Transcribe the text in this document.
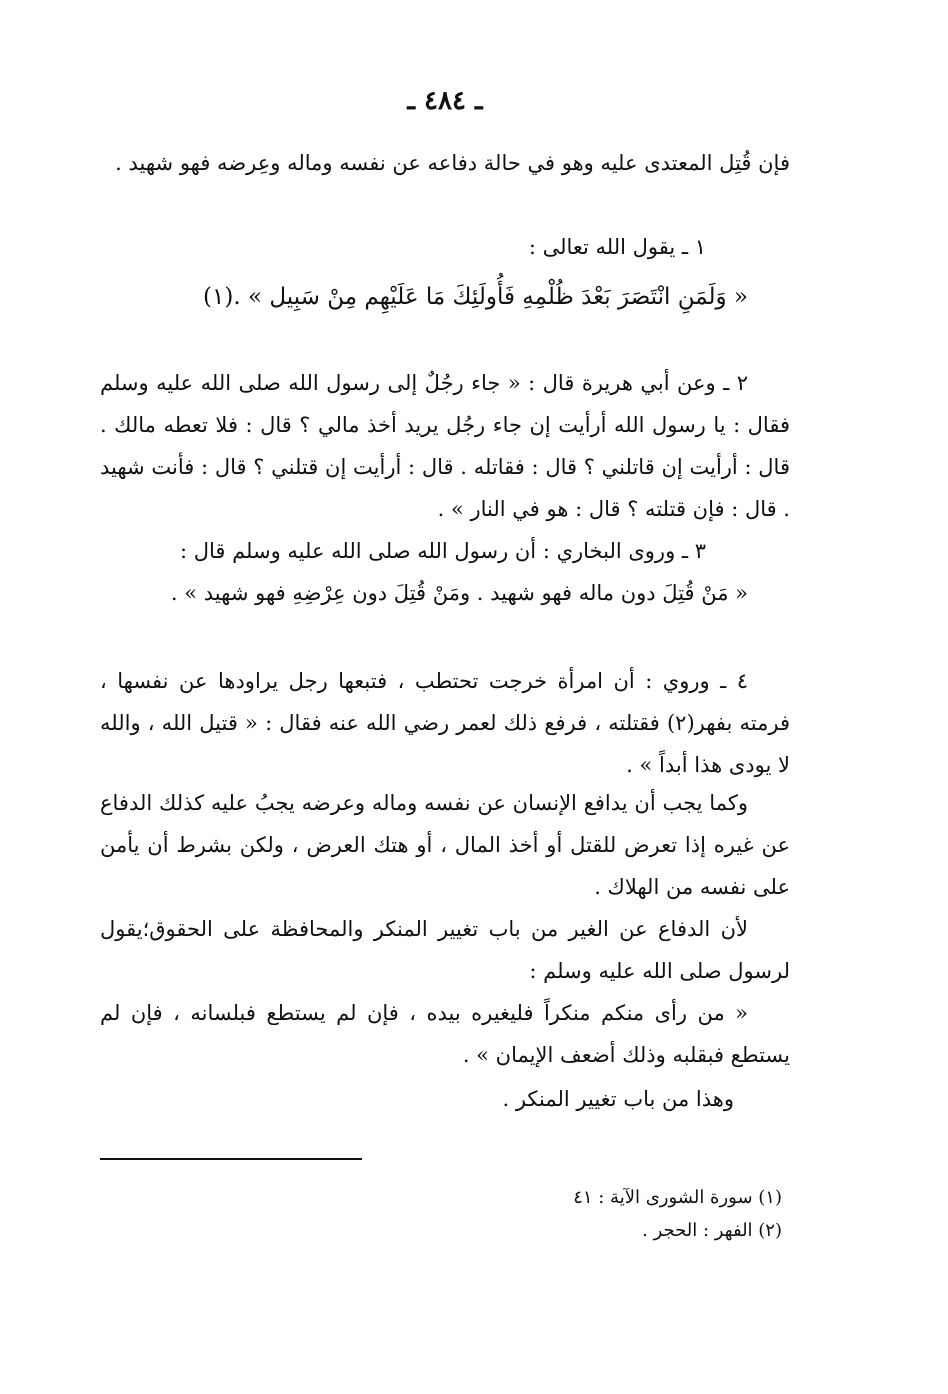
ـ ٤٨٤ ـ

فإن قُتِل المعتدى عليه وهو في حالة دفاعه عن نفسه وماله وعِرضه فهو شهيد .

١ ـ يقول الله تعالى :

« وَلَمَنِ انْتَصَرَ بَعْدَ ظُلْمِهِ فَأُولَئِكَ مَا عَلَيْهِم مِنْ سَبِيل » .(١)

٢ ـ وعن أبي هريرة قال : « جاء رجُلٌ إلى رسول الله صلى الله عليه وسلم فقال : يا رسول الله أرأيت إن جاء رجُل يريد أخذ مالي ؟ قال : فلا تعطه مالك . قال : أرأيت إن قاتلني ؟ قال : فقاتله . قال : أرأيت إن قتلني ؟ قال : فأنت شهيد . قال : فإن قتلته ؟ قال : هو في النار » .

٣ ـ وروى البخاري : أن رسول الله صلى الله عليه وسلم قال :

« مَنْ قُتِلَ دون ماله فهو شهيد . ومَنْ قُتِلَ دون عِرْضِهِ فهو شهيد » .

٤ ـ وروي : أن امرأة خرجت تحتطب ، فتبعها رجل يراودها عن نفسها ، فرمته بفهر(٢) فقتلته ، فرفع ذلك لعمر رضي الله عنه فقال : « قتيل الله ، والله لا يودى هذا أبداً » .

وكما يجب أن يدافع الإنسان عن نفسه وماله وعرضه يجبُ عليه كذلك الدفاع عن غيره إذا تعرض للقتل أو أخذ المال ، أو هتك العرض ، ولكن بشرط أن يأمن على نفسه من الهلاك .

لأن الدفاع عن الغير من باب تغيير المنكر والمحافظة على الحقوق؛يقول لرسول صلى الله عليه وسلم :

« من رأى منكم منكراً فليغيره بيده ، فإن لم يستطع فبلسانه ، فإن لم يستطع فبقلبه وذلك أضعف الإيمان » .

وهذا من باب تغيير المنكر .

(١) سورة الشورى الآية : ٤١

(٢) الفهر : الحجر .
